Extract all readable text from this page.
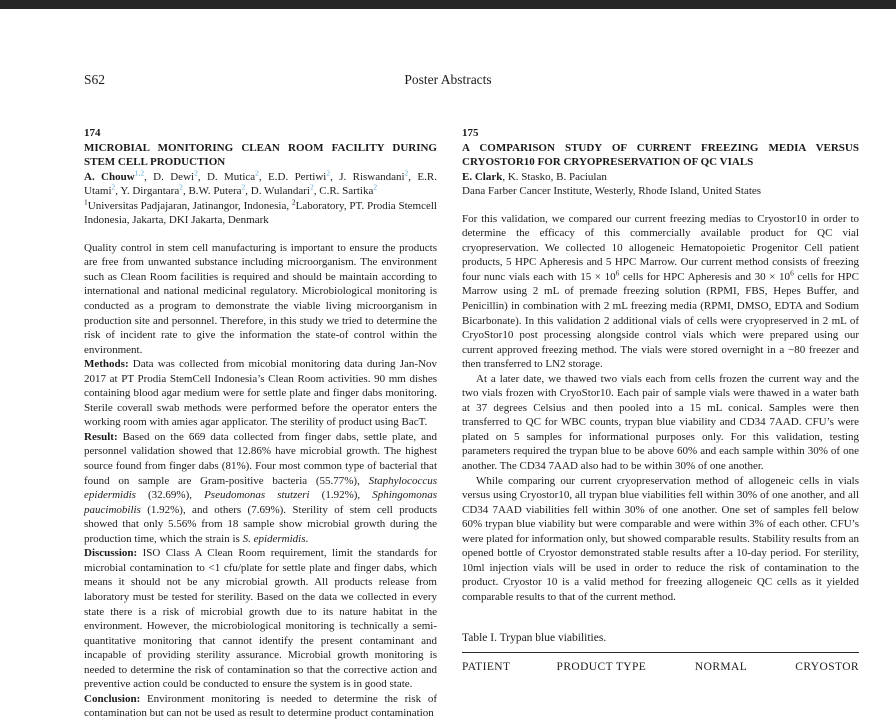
S62	Poster Abstracts

174

MICROBIAL MONITORING CLEAN ROOM FACILITY DURING STEM CELL PRODUCTION

A. Chouw$^{1,2}$, D. Dewi$^2$, D. Mutica$^2$, E.D. Pertiwi$^2$, J. Riswandani$^2$, E.R. Utami$^2$, Y. Dirgantara$^2$, B.W. Putera$^2$, D. Wulandari$^2$, C.R. Sartika$^2$

$^1$Universitas Padjajaran, Jatinangor, Indonesia, $^2$Laboratory, PT. Prodia Stemcell Indonesia, Jakarta, DKI Jakarta, Denmark

Quality control in stem cell manufacturing is important to ensure the products are free from unwanted substance including microorganism. The environment such as Clean Room facilities is required and should be maintain according to international and national medicinal regulatory. Microbiological monitoring is conducted as a program to demonstrate the viable living microorganism in production site and personnel. Therefore, in this study we tried to determine the risk of incident rate to give the information the state-of control within the environment.

Methods: Data was collected from micobial monitoring data during Jan-Nov 2017 at PT Prodia StemCell Indonesia’s Clean Room activities. 90 mm dishes containing blood agar medium were for settle plate and finger dabs monitoring. Sterile coverall swab methods were performed before the operator enters the working room with amies agar applicator. The sterility of product using BacT.

Result: Based on the 669 data collected from finger dabs, settle plate, and personnel validation showed that 12.86% have microbial growth. The highest source found from finger dabs (81%). Four most common type of bacterial that found on sample are Gram-positive bacteria (55.77%), Staphylococcus epidermidis (32.69%), Pseudomonas stutzeri (1.92%), Sphingomonas paucimobilis (1.92%), and others (7.69%). Sterility of stem cell products showed that only 5.56% from 18 sample show microbial growth during the production time, which the strain is S. epidermidis.

Discussion: ISO Class A Clean Room requirement, limit the standards for microbial contamination to <1 cfu/plate for settle plate and finger dabs, which means it should not be any microbial growth. All products release from laboratory must be tested for sterility. Based on the data we collected in every state there is a risk of microbial growth due to its nature habitat in the environment. However, the microbiological monitoring is technically a semi-quantitative monitoring that cannot identify the present contaminant and incapable of providing sterility assurance. Microbial growth monitoring is needed to determine the risk of contamination so that the corrective action and preventive action could be conducted to ensure the system is in good state.

Conclusion: Environment monitoring is needed to determine the risk of contamination but can not be used as result to determine product contamination

175

A COMPARISON STUDY OF CURRENT FREEZING MEDIA VERSUS CRYOSTOR10 FOR CRYOPRESERVATION OF QC VIALS

E. Clark, K. Stasko, B. Paciulan

Dana Farber Cancer Institute, Westerly, Rhode Island, United States

For this validation, we compared our current freezing medias to Cryostor10 in order to determine the efficacy of this commercially available product for QC vial cryopreservation. We collected 10 allogeneic Hematopoietic Progenitor Cell patient products, 5 HPC Apheresis and 5 HPC Marrow. Our current method consists of freezing four nunc vials each with $15 \times 10^6$ cells for HPC Apheresis and $30 \times 10^6$ cells for HPC Marrow using 2 mL of premade freezing solution (RPMI, FBS, Hepes Buffer, and Penicillin) in combination with 2 mL freezing media (RPMI, DMSO, EDTA and Sodium Bicarbonate). In this validation 2 additional vials of cells were cryopreserved in 2 mL of CryoStor10 post processing alongside control vials which were prepared using our current approved freezing method. The vials were stored overnight in a −80 freezer and then transferred to LN2 storage.

At a later date, we thawed two vials each from cells frozen the current way and the two vials frozen with CryoStor10. Each pair of sample vials were thawed in a water bath at 37 degrees Celsius and then pooled into a 15 mL conical. Samples were then transferred to QC for WBC counts, trypan blue viability and CD34 7AAD. CFU’s were plated on 5 samples for informational purposes only. For this validation, testing parameters required the trypan blue to be above 60% and each sample within 30% of one another. The CD34 7AAD also had to be within 30% of one another.

While comparing our current cryopreservation method of allogeneic cells in vials versus using Cryostor10, all trypan blue viabilities fell within 30% of one another, and all CD34 7AAD viabilities fell within 30% of one another. One set of samples fell below 60% trypan blue viability but were comparable and were within 3% of each other. CFU’s were plated for information only, but showed comparable results. Stability results from an opened bottle of Cryostor demonstrated stable results after a 10-day period. For sterility, 10ml injection vials will be used in order to reduce the risk of contamination to the product. Cryostor 10 is a valid method for freezing allogeneic QC cells as it yielded comparable results to that of the current method.

Table I. Trypan blue viabilities.

PATIENT	PRODUCT TYPE	NORMAL	CRYOSTOR
